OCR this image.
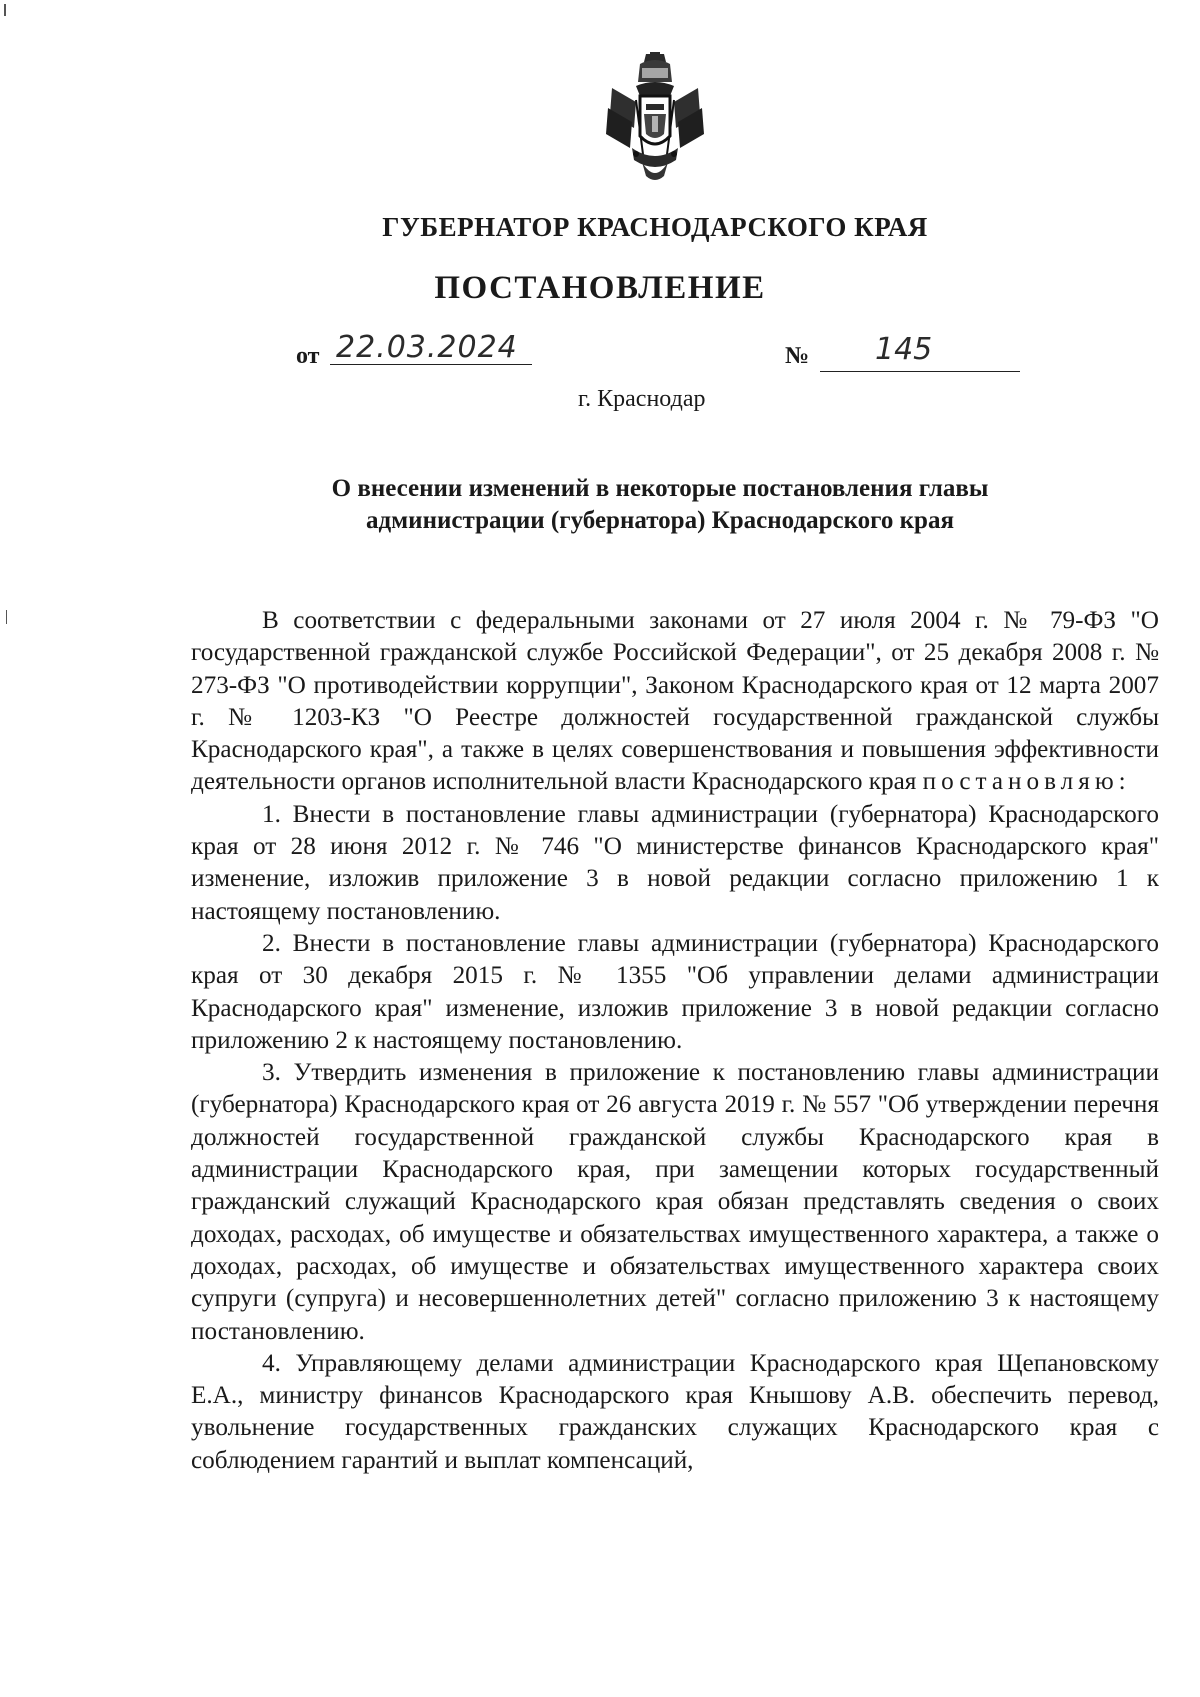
ГУБЕРНАТОР КРАСНОДАРСКОГО КРАЯ
ПОСТАНОВЛЕНИЕ
от 22.03.2024	№ 145
г. Краснодар
О внесении изменений в некоторые постановления главы
администрации (губернатора) Краснодарского края

В соответствии с федеральными законами от 27 июля 2004 г. № 79-ФЗ "О государственной гражданской службе Российской Федерации", от 25 декабря 2008 г. № 273-ФЗ "О противодействии коррупции", Законом Краснодарского края от 12 марта 2007 г. № 1203-КЗ "О Реестре должностей государственной гражданской службы Краснодарского края", а также в целях совершенствования и повышения эффективности деятельности органов исполнительной власти Краснодарского края постановляю:

1. Внести в постановление главы администрации (губернатора) Краснодарского края от 28 июня 2012 г. № 746 "О министерстве финансов Краснодарского края" изменение, изложив приложение 3 в новой редакции согласно приложению 1 к настоящему постановлению.

2. Внести в постановление главы администрации (губернатора) Краснодарского края от 30 декабря 2015 г. № 1355 "Об управлении делами администрации Краснодарского края" изменение, изложив приложение 3 в новой редакции согласно приложению 2 к настоящему постановлению.

3. Утвердить изменения в приложение к постановлению главы администрации (губернатора) Краснодарского края от 26 августа 2019 г. № 557 "Об утверждении перечня должностей государственной гражданской службы Краснодарского края в администрации Краснодарского края, при замещении которых государственный гражданский служащий Краснодарского края обязан представлять сведения о своих доходах, расходах, об имуществе и обязательствах имущественного характера, а также о доходах, расходах, об имуществе и обязательствах имущественного характера своих супруги (супруга) и несовершеннолетних детей" согласно приложению 3 к настоящему постановлению.

4. Управляющему делами администрации Краснодарского края Щепановскому Е.А., министру финансов Краснодарского края Кнышову А.В. обеспечить перевод, увольнение государственных гражданских служащих Краснодарского края с соблюдением гарантий и выплат компенсаций,
